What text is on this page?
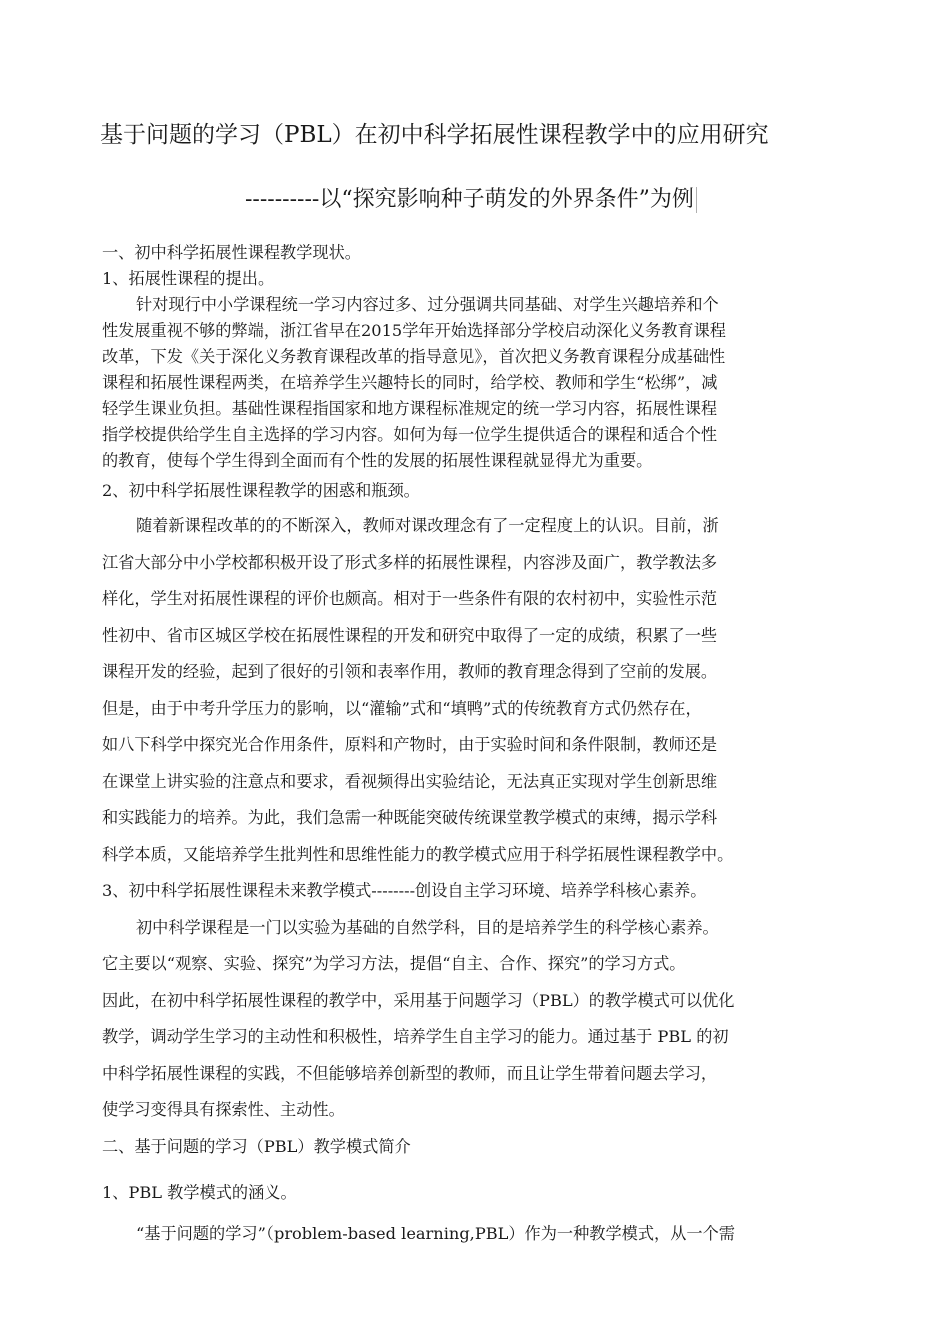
基于问题的学习（PBL）在初中科学拓展性课程教学中的应用研究
----------以“探究影响种子萌发的外界条件”为例

一、初中科学拓展性课程教学现状。

1、拓展性课程的提出。

针对现行中小学课程统一学习内容过多、过分强调共同基础、对学生兴趣培养和个

性发展重视不够的弊端，浙江省早在2015学年开始选择部分学校启动深化义务教育课程

改革，下发《关于深化义务教育课程改革的指导意见》，首次把义务教育课程分成基础性

课程和拓展性课程两类，在培养学生兴趣特长的同时，给学校、教师和学生“松绑”，减

轻学生课业负担。基础性课程指国家和地方课程标准规定的统一学习内容，拓展性课程

指学校提供给学生自主选择的学习内容。如何为每一位学生提供适合的课程和适合个性

的教育，使每个学生得到全面而有个性的发展的拓展性课程就显得尤为重要。

2、初中科学拓展性课程教学的困惑和瓶颈。

随着新课程改革的的不断深入，教师对课改理念有了一定程度上的认识。目前，浙

江省大部分中小学校都积极开设了形式多样的拓展性课程，内容涉及面广，教学教法多

样化，学生对拓展性课程的评价也颇高。相对于一些条件有限的农村初中，实验性示范

性初中、省市区城区学校在拓展性课程的开发和研究中取得了一定的成绩，积累了一些

课程开发的经验，起到了很好的引领和表率作用，教师的教育理念得到了空前的发展。

但是，由于中考升学压力的影响，以“灌输”式和“填鸭”式的传统教育方式仍然存在，

如八下科学中探究光合作用条件，原料和产物时，由于实验时间和条件限制，教师还是

在课堂上讲实验的注意点和要求，看视频得出实验结论，无法真正实现对学生创新思维

和实践能力的培养。为此，我们急需一种既能突破传统课堂教学模式的束缚，揭示学科

科学本质，又能培养学生批判性和思维性能力的教学模式应用于科学拓展性课程教学中。

3、初中科学拓展性课程未来教学模式--------创设自主学习环境、培养学科核心素养。

初中科学课程是一门以实验为基础的自然学科，目的是培养学生的科学核心素养。

它主要以“观察、实验、探究”为学习方法，提倡“自主、合作、探究”的学习方式。

因此，在初中科学拓展性课程的教学中，采用基于问题学习（PBL）的教学模式可以优化

教学，调动学生学习的主动性和积极性，培养学生自主学习的能力。通过基于 PBL 的初

中科学拓展性课程的实践，不但能够培养创新型的教师，而且让学生带着问题去学习，

使学习变得具有探索性、主动性。

二、基于问题的学习（PBL）教学模式简介

1、PBL 教学模式的涵义。

“基于问题的学习”（problem-based learning,PBL）作为一种教学模式，从一个需
